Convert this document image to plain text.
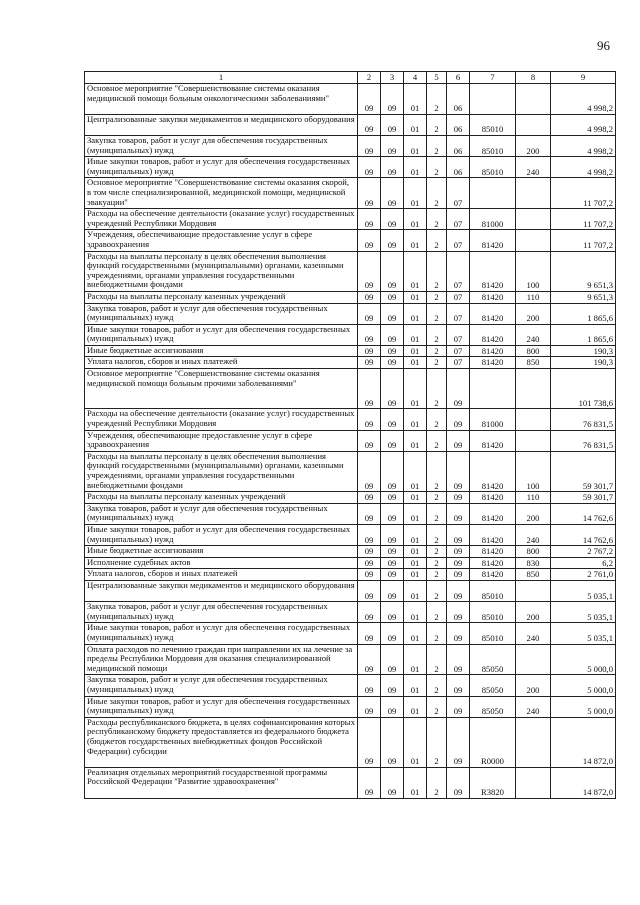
96
1	2	3	4	5	6	7	8	9
Основное мероприятие "Совершенствование системы оказания медицинской помощи больным онкологическими заболеваниями"	09	09	01	2	06			4 998,2
Централизованные закупки медикаментов и медицинского оборудования	09	09	01	2	06	85010		4 998,2
Закупка товаров, работ и услуг для обеспечения государственных (муниципальных) нужд	09	09	01	2	06	85010	200	4 998,2
Иные закупки товаров, работ и услуг для обеспечения государственных (муниципальных) нужд	09	09	01	2	06	85010	240	4 998,2
Основное мероприятие "Совершенствование системы оказания скорой, в том числе специализированной, медицинской помощи, медицинской эвакуации"	09	09	01	2	07			11 707,2
Расходы на обеспечение деятельности (оказание услуг) государственных учреждений Республики Мордовия	09	09	01	2	07	81000		11 707,2
Учреждения, обеспечивающие предоставление услуг в сфере здравоохранения	09	09	01	2	07	81420		11 707,2
Расходы на выплаты персоналу в целях обеспечения выполнения функций государственными (муниципальными) органами, казенными учреждениями, органами управления государственными внебюджетными фондами	09	09	01	2	07	81420	100	9 651,3
Расходы на выплаты персоналу казенных учреждений	09	09	01	2	07	81420	110	9 651,3
Закупка товаров, работ и услуг для обеспечения государственных (муниципальных) нужд	09	09	01	2	07	81420	200	1 865,6
Иные закупки товаров, работ и услуг для обеспечения государственных (муниципальных) нужд	09	09	01	2	07	81420	240	1 865,6
Иные бюджетные ассигнования	09	09	01	2	07	81420	800	190,3
Уплата налогов, сборов и иных платежей	09	09	01	2	07	81420	850	190,3
Основное мероприятие "Совершенствование системы оказания медицинской помощи больным прочими заболеваниями"	09	09	01	2	09			101 738,6
Расходы на обеспечение деятельности (оказание услуг) государственных учреждений Республики Мордовия	09	09	01	2	09	81000		76 831,5
Учреждения, обеспечивающие предоставление услуг в сфере здравоохранения	09	09	01	2	09	81420		76 831,5
Расходы на выплаты персоналу в целях обеспечения выполнения функций государственными (муниципальными) органами, казенными учреждениями, органами управления государственными внебюджетными фондами	09	09	01	2	09	81420	100	59 301,7
Расходы на выплаты персоналу казенных учреждений	09	09	01	2	09	81420	110	59 301,7
Закупка товаров, работ и услуг для обеспечения государственных (муниципальных) нужд	09	09	01	2	09	81420	200	14 762,6
Иные закупки товаров, работ и услуг для обеспечения государственных (муниципальных) нужд	09	09	01	2	09	81420	240	14 762,6
Иные бюджетные ассигнования	09	09	01	2	09	81420	800	2 767,2
Исполнение судебных актов	09	09	01	2	09	81420	830	6,2
Уплата налогов, сборов и иных платежей	09	09	01	2	09	81420	850	2 761,0
Централизованные закупки медикаментов и медицинского оборудования	09	09	01	2	09	85010		5 035,1
Закупка товаров, работ и услуг для обеспечения государственных (муниципальных) нужд	09	09	01	2	09	85010	200	5 035,1
Иные закупки товаров, работ и услуг для обеспечения государственных (муниципальных) нужд	09	09	01	2	09	85010	240	5 035,1
Оплата расходов по лечению граждан при направлении их на лечение за пределы Республики Мордовия для оказания специализированной медицинской помощи	09	09	01	2	09	85050		5 000,0
Закупка товаров, работ и услуг для обеспечения государственных (муниципальных) нужд	09	09	01	2	09	85050	200	5 000,0
Иные закупки товаров, работ и услуг для обеспечения государственных (муниципальных) нужд	09	09	01	2	09	85050	240	5 000,0
Расходы республиканского бюджета, в целях софинансирования которых республиканскому бюджету предоставляется из федерального бюджета (бюджетов государственных внебюджетных фондов Российской Федерации) субсидии	09	09	01	2	09	R0000		14 872,0
Реализация отдельных мероприятий государственной программы Российской Федерации "Развитие здравоохранения"	09	09	01	2	09	R3820		14 872,0
